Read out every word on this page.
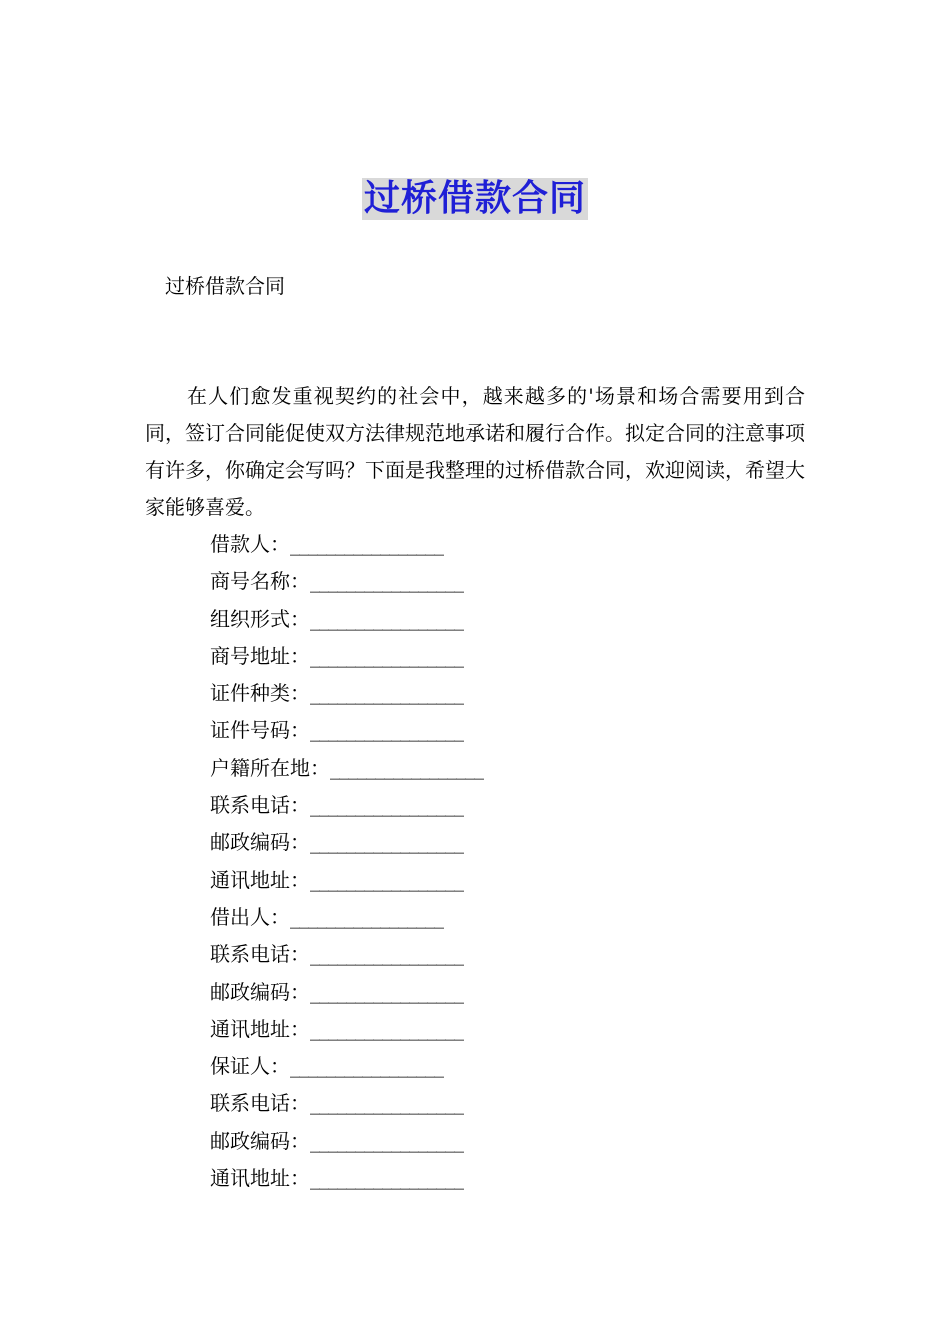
过桥借款合同
过桥借款合同

在人们愈发重视契约的社会中，越来越多的'场景和场合需要用到合同，签订合同能促使双方法律规范地承诺和履行合作。拟定合同的注意事项有许多，你确定会写吗？下面是我整理的过桥借款合同，欢迎阅读，希望大家能够喜爱。

借款人：_________________
商号名称：_________________
组织形式：_________________
商号地址：_________________
证件种类：_________________
证件号码：_________________
户籍所在地：_________________
联系电话：_________________
邮政编码：_________________
通讯地址：_________________
借出人：_________________
联系电话：_________________
邮政编码：_________________
通讯地址：_________________
保证人：_________________
联系电话：_________________
邮政编码：_________________
通讯地址：_________________
